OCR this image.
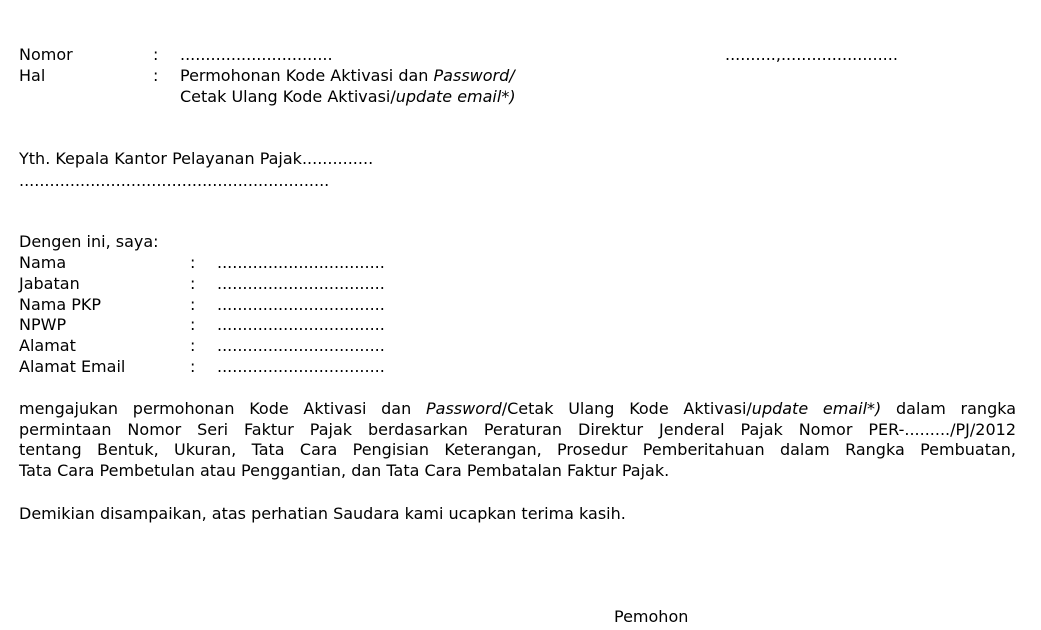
Nomor	: ..............................	..........,.......................
Hal	: Permohonan Kode Aktivasi dan Password/
Cetak Ulang Kode Aktivasi/update email*)
Yth. Kepala Kantor Pelayanan Pajak..............
.............................................................
Dengen ini, saya:
Nama	: .................................
Jabatan	: .................................
Nama PKP	: .................................
NPWP	: .................................
Alamat	: .................................
Alamat Email	: .................................
mengajukan permohonan Kode Aktivasi dan Password/Cetak Ulang Kode Aktivasi/update email*) dalam rangka
permintaan Nomor Seri Faktur Pajak berdasarkan Peraturan Direktur Jenderal Pajak Nomor PER-........./PJ/2012
tentang Bentuk, Ukuran, Tata Cara Pengisian Keterangan, Prosedur Pemberitahuan dalam Rangka Pembuatan,
Tata Cara Pembetulan atau Penggantian, dan Tata Cara Pembatalan Faktur Pajak.
Demikian disampaikan, atas perhatian Saudara kami ucapkan terima kasih.
Pemohon
